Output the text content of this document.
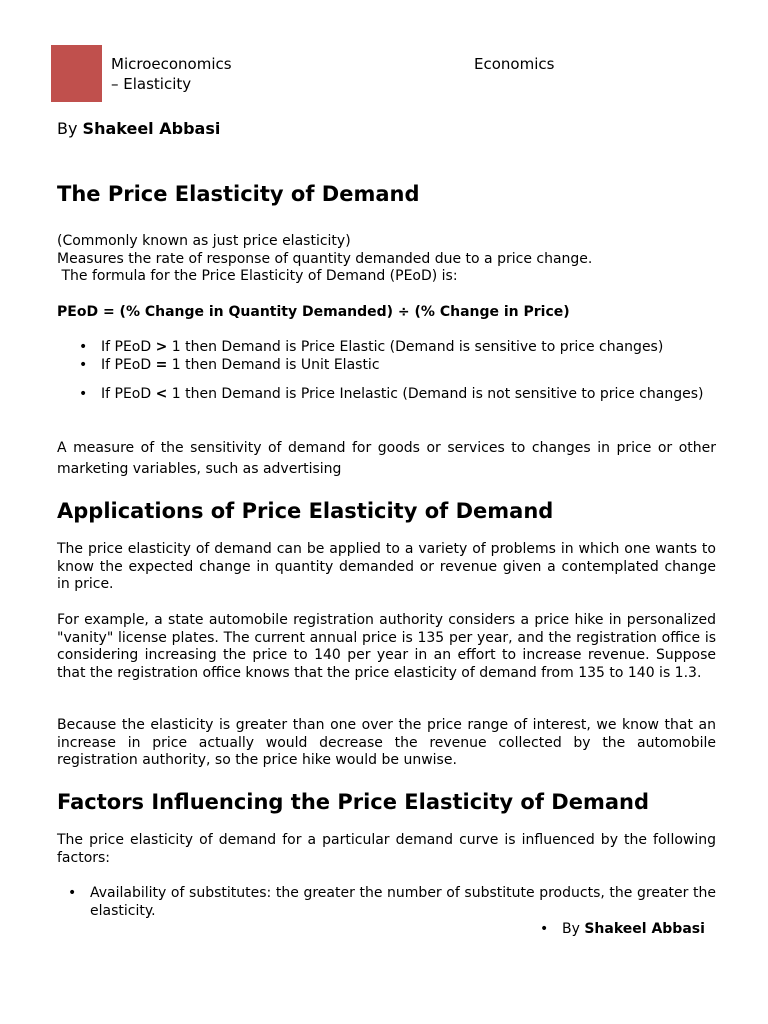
Microeconomics
– Elasticity
Economics
By Shakeel Abbasi
The Price Elasticity of Demand
(Commonly known as just price elasticity)
Measures the rate of response of quantity demanded due to a price change.
The formula for the Price Elasticity of Demand (PEoD) is:
PEoD = (% Change in Quantity Demanded) ÷ (% Change in Price)
• If PEoD > 1 then Demand is Price Elastic (Demand is sensitive to price changes)
• If PEoD = 1 then Demand is Unit Elastic
• If PEoD < 1 then Demand is Price Inelastic (Demand is not sensitive to price changes)
A measure of the sensitivity of demand for goods or services to changes in price or other marketing variables, such as advertising
Applications of Price Elasticity of Demand
The price elasticity of demand can be applied to a variety of problems in which one wants to know the expected change in quantity demanded or revenue given a contemplated change in price.
For example, a state automobile registration authority considers a price hike in personalized "vanity" license plates. The current annual price is 135 per year, and the registration office is considering increasing the price to 140 per year in an effort to increase revenue. Suppose that the registration office knows that the price elasticity of demand from 135 to 140 is 1.3.
Because the elasticity is greater than one over the price range of interest, we know that an increase in price actually would decrease the revenue collected by the automobile registration authority, so the price hike would be unwise.
Factors Influencing the Price Elasticity of Demand
The price elasticity of demand for a particular demand curve is influenced by the following factors:
• Availability of substitutes: the greater the number of substitute products, the greater the elasticity.
• By Shakeel Abbasi
